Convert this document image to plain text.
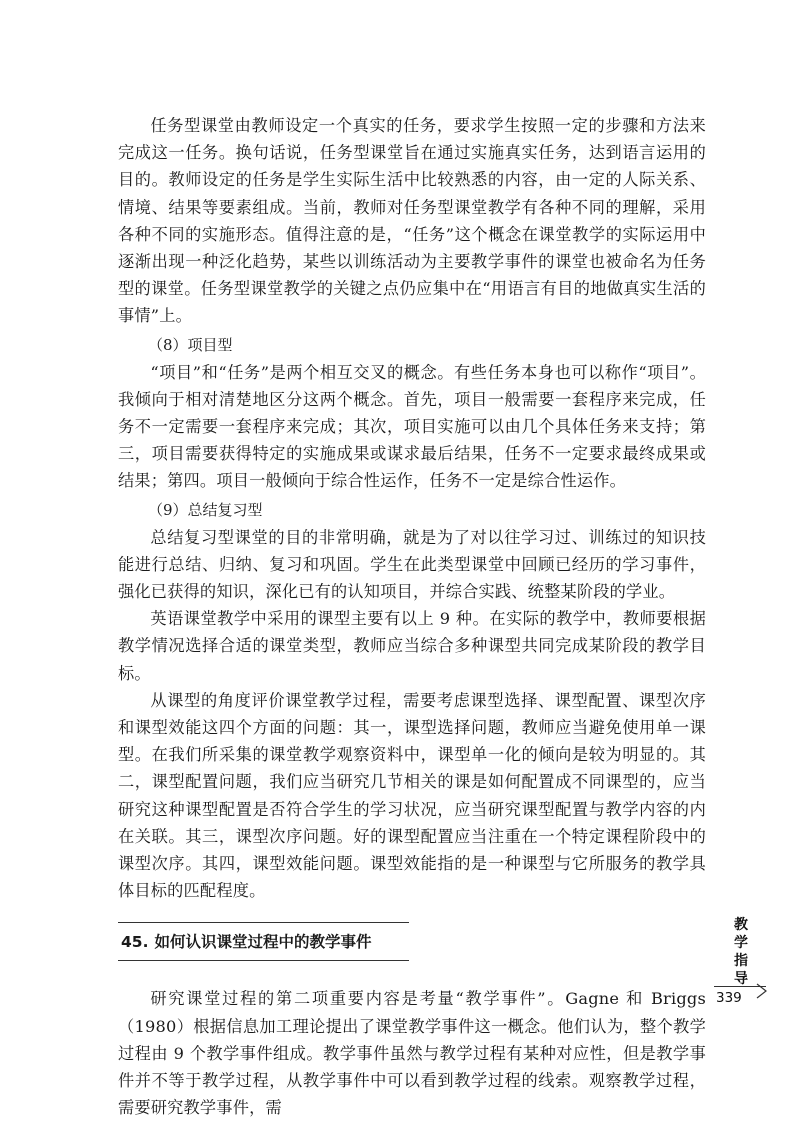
任务型课堂由教师设定一个真实的任务，要求学生按照一定的步骤和方法来完成这一任务。换句话说，任务型课堂旨在通过实施真实任务，达到语言运用的目的。教师设定的任务是学生实际生活中比较熟悉的内容，由一定的人际关系、情境、结果等要素组成。当前，教师对任务型课堂教学有各种不同的理解，采用各种不同的实施形态。值得注意的是，“任务”这个概念在课堂教学的实际运用中逐渐出现一种泛化趋势，某些以训练活动为主要教学事件的课堂也被命名为任务型的课堂。任务型课堂教学的关键之点仍应集中在“用语言有目的地做真实生活的事情”上。

（8）项目型

“项目”和“任务”是两个相互交叉的概念。有些任务本身也可以称作“项目”。我倾向于相对清楚地区分这两个概念。首先，项目一般需要一套程序来完成，任务不一定需要一套程序来完成；其次，项目实施可以由几个具体任务来支持；第三，项目需要获得特定的实施成果或谋求最后结果，任务不一定要求最终成果或结果；第四。项目一般倾向于综合性运作，任务不一定是综合性运作。

（9）总结复习型

总结复习型课堂的目的非常明确，就是为了对以往学习过、训练过的知识技能进行总结、归纳、复习和巩固。学生在此类型课堂中回顾已经历的学习事件，强化已获得的知识，深化已有的认知项目，并综合实践、统整某阶段的学业。

英语课堂教学中采用的课型主要有以上 9 种。在实际的教学中，教师要根据教学情况选择合适的课堂类型，教师应当综合多种课型共同完成某阶段的教学目标。

从课型的角度评价课堂教学过程，需要考虑课型选择、课型配置、课型次序和课型效能这四个方面的问题：其一，课型选择问题，教师应当避免使用单一课型。在我们所采集的课堂教学观察资料中，课型单一化的倾向是较为明显的。其二，课型配置问题，我们应当研究几节相关的课是如何配置成不同课型的，应当研究这种课型配置是否符合学生的学习状况，应当研究课型配置与教学内容的内在关联。其三，课型次序问题。好的课型配置应当注重在一个特定课程阶段中的课型次序。其四，课型效能问题。课型效能指的是一种课型与它所服务的教学具体目标的匹配程度。

45. 如何认识课堂过程中的教学事件

研究课堂过程的第二项重要内容是考量“教学事件”。Gagne 和 Briggs（1980）根据信息加工理论提出了课堂教学事件这一概念。他们认为，整个教学过程由 9 个教学事件组成。教学事件虽然与教学过程有某种对应性，但是教学事件并不等于教学过程，从教学事件中可以看到教学过程的线索。观察教学过程，需要研究教学事件，需

教
学
指
导
339
